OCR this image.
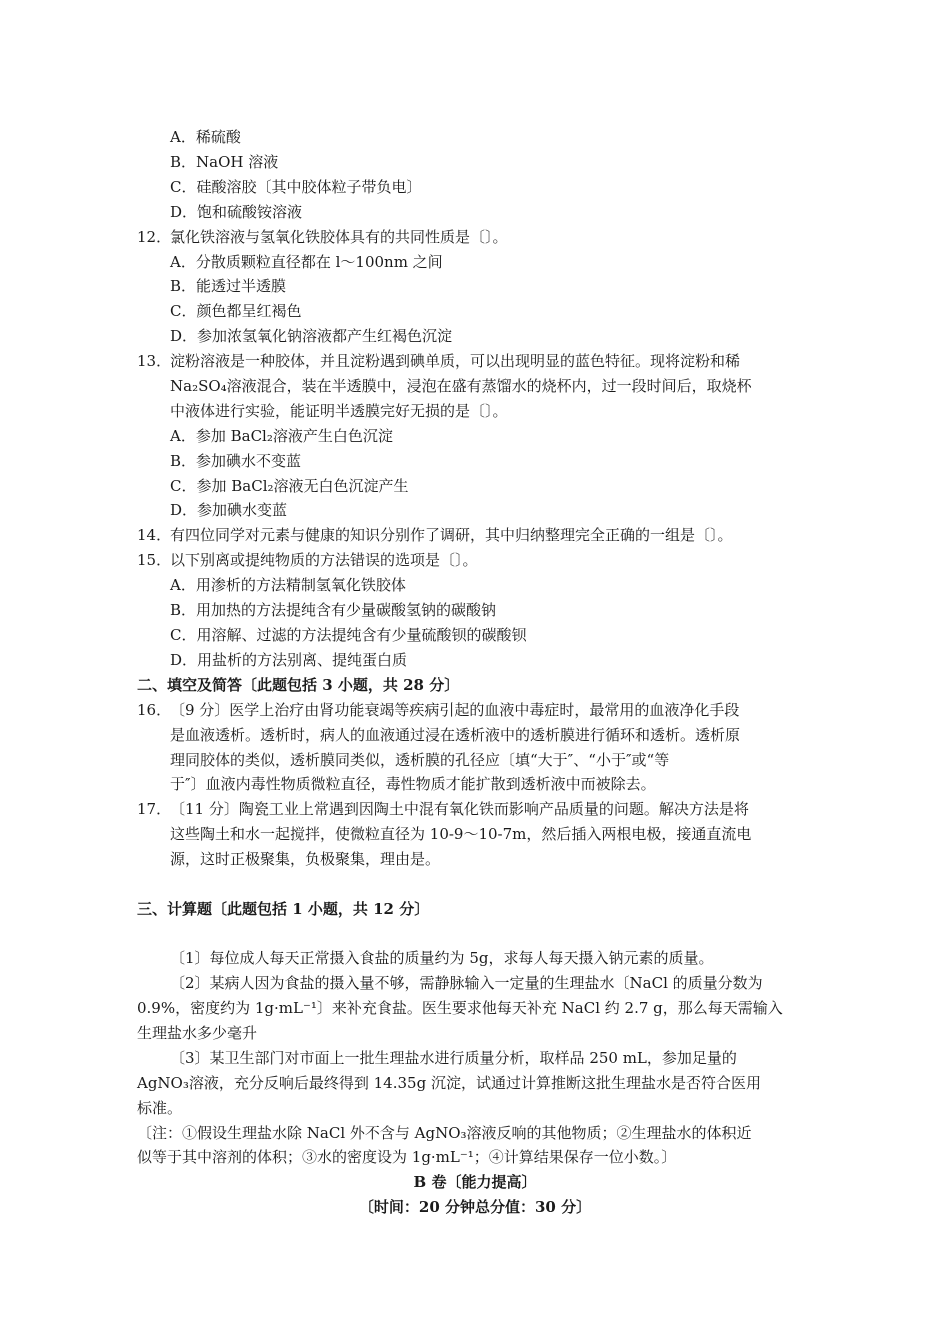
A．稀硫酸
B．NaOH 溶液
C．硅酸溶胶〔其中胶体粒子带负电〕
D．饱和硫酸铵溶液
12．
氯化铁溶液与氢氧化铁胶体具有的共同性质是〔〕。
A．分散质颗粒直径都在 l～100nm 之间
B．能透过半透膜
C．颜色都呈红褐色
D．参加浓氢氧化钠溶液都产生红褐色沉淀
13．
淀粉溶液是一种胶体，并且淀粉遇到碘单质，可以出现明显的蓝色特征。现将淀粉和稀
Na₂SO₄溶液混合，装在半透膜中，浸泡在盛有蒸馏水的烧杯内，过一段时间后，取烧杯
中液体进行实验，能证明半透膜完好无损的是〔〕。
A．参加 BaCl₂溶液产生白色沉淀
B．参加碘水不变蓝
C．参加 BaCl₂溶液无白色沉淀产生
D．参加碘水变蓝
14．
有四位同学对元素与健康的知识分别作了调研，其中归纳整理完全正确的一组是〔〕。
15．
以下别离或提纯物质的方法错误的选项是〔〕。
A．用渗析的方法精制氢氧化铁胶体
B．用加热的方法提纯含有少量碳酸氢钠的碳酸钠
C．用溶解、过滤的方法提纯含有少量硫酸钡的碳酸钡
D．用盐析的方法别离、提纯蛋白质
二、填空及简答〔此题包括 3 小题，共 28 分〕
16．
〔9 分〕医学上治疗由肾功能衰竭等疾病引起的血液中毒症时，最常用的血液净化手段
是血液透析。透析时，病人的血液通过浸在透析液中的透析膜进行循环和透析。透析原
理同胶体的类似，透析膜同类似，透析膜的孔径应〔填“大于″、“小于″或“等
于″〕血液内毒性物质微粒直径，毒性物质才能扩散到透析液中而被除去。
17．
〔11 分〕陶瓷工业上常遇到因陶土中混有氧化铁而影响产品质量的问题。解决方法是将
这些陶土和水一起搅拌，使微粒直径为 10-9～10-7m，然后插入两根电极，接通直流电
源，这时正极聚集，负极聚集，理由是。
三、计算题〔此题包括 1 小题，共 12 分〕
〔1〕每位成人每天正常摄入食盐的质量约为 5g，求每人每天摄入钠元素的质量。
〔2〕某病人因为食盐的摄入量不够，需静脉输入一定量的生理盐水〔NaCl 的质量分数为
0.9%，密度约为 1g·mL⁻¹〕来补充食盐。医生要求他每天补充 NaCl 约 2.7 g，那么每天需输入
生理盐水多少毫升
〔3〕某卫生部门对市面上一批生理盐水进行质量分析，取样品 250 mL，参加足量的
AgNO₃溶液，充分反响后最终得到 14.35g 沉淀，试通过计算推断这批生理盐水是否符合医用
标准。
〔注：①假设生理盐水除 NaCl 外不含与 AgNO₃溶液反响的其他物质；②生理盐水的体积近
似等于其中溶剂的体积；③水的密度设为 1g·mL⁻¹；④计算结果保存一位小数。〕
B 卷〔能力提高〕
〔时间：20 分钟总分值：30 分〕
